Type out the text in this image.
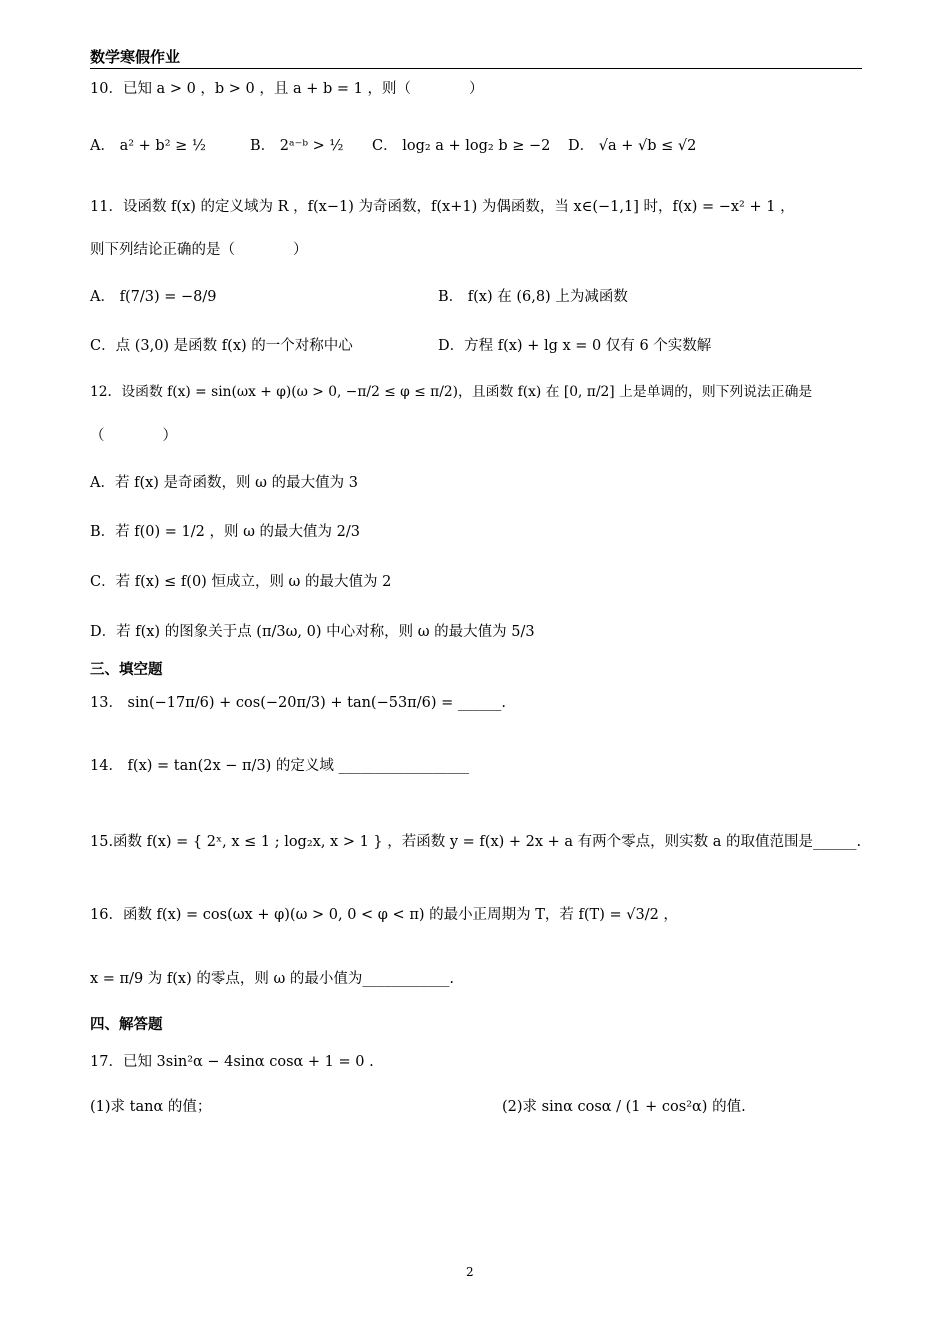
数学寒假作业
10．已知 a > 0 ，b > 0 ，且 a + b = 1 ，则（　　　　）
A． a² + b² ≥ ½	B． 2ᵃ⁻ᵇ > ½ C． log₂ a + log₂ b ≥ −2 D． √a + √b ≤ √2
11．设函数 f(x) 的定义域为 R ，f(x−1) 为奇函数，f(x+1) 为偶函数，当 x∈(−1,1] 时，f(x) = −x² + 1 ，
则下列结论正确的是（　　　　）
A． f(7/3) = −8/9	B． f(x) 在 (6,8) 上为减函数
C．点 (3,0) 是函数 f(x) 的一个对称中心	D．方程 f(x) + lg x = 0 仅有 6 个实数解
12．设函数 f(x) = sin(ωx + φ)(ω > 0, −π/2 ≤ φ ≤ π/2)，且函数 f(x) 在 [0, π/2] 上是单调的，则下列说法正确是
（　　　　）
A．若 f(x) 是奇函数，则 ω 的最大值为 3
B．若 f(0) = 1/2 ，则 ω 的最大值为 2/3
C．若 f(x) ≤ f(0) 恒成立，则 ω 的最大值为 2
D．若 f(x) 的图象关于点 (π/3ω, 0) 中心对称，则 ω 的最大值为 5/3
三、填空题
13． sin(−17π/6) + cos(−20π/3) + tan(−53π/6) = ______.
14． f(x) = tan(2x − π/3) 的定义域 __________________
15.函数 f(x) = { 2ˣ, x ≤ 1 ; log₂x, x > 1 } ，若函数 y = f(x) + 2x + a 有两个零点，则实数 a 的取值范围是______.
16．函数 f(x) = cos(ωx + φ)(ω > 0, 0 < φ < π) 的最小正周期为 T，若 f(T) = √3/2 ，
x = π/9 为 f(x) 的零点，则 ω 的最小值为____________.
四、解答题
17．已知 3sin²α − 4sinα cosα + 1 = 0 .
(1)求 tanα 的值；	(2)求 sinα cosα / (1 + cos²α) 的值.
2
